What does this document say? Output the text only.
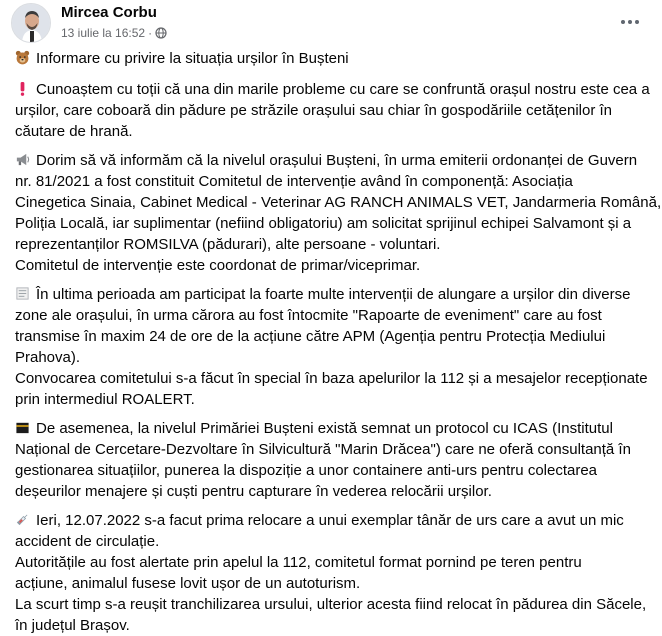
Mircea Corbu
13 iulie la 16:52 ·
Informare cu privire la situația urșilor în Bușteni
Cunoaștem cu toții că una din marile probleme cu care se confruntă orașul nostru este cea a
urșilor, care coboară din pădure pe străzile orașului sau chiar în gospodăriile cetățenilor în
căutare de hrană.
Dorim să vă informăm că la nivelul orașului Bușteni, în urma emiterii ordonanței de Guvern
nr. 81/2021 a fost constituit Comitetul de intervenție având în componență: Asociația
Cinegetica Sinaia, Cabinet Medical - Veterinar AG RANCH ANIMALS VET, Jandarmeria Română,
Poliția Locală, iar suplimentar (nefiind obligatoriu) am solicitat sprijinul echipei Salvamont și a
reprezentanților ROMSILVA (pădurari), alte persoane - voluntari.
Comitetul de intervenție este coordonat de primar/viceprimar.
În ultima perioada am participat la foarte multe intervenții de alungare a urșilor din diverse
zone ale orașului, în urma cărora au fost întocmite "Rapoarte de eveniment" care au fost
transmise în maxim 24 de ore de la acțiune către APM (Agenția pentru Protecția Mediului
Prahova).
Convocarea comitetului s-a făcut în special în baza apelurilor la 112 și a mesajelor recepționate
prin intermediul ROALERT.
De asemenea, la nivelul Primăriei Bușteni există semnat un protocol cu ICAS (Institutul
Național de Cercetare-Dezvoltare în Silvicultură "Marin Drăcea") care ne oferă consultanță în
gestionarea situațiilor, punerea la dispoziție a unor containere anti-urs pentru colectarea
deșeurilor menajere și cuști pentru capturare în vederea relocării urșilor.
Ieri, 12.07.2022 s-a facut prima relocare a unui exemplar tânăr de urs care a avut un mic
accident de circulație.
Autoritățile au fost alertate prin apelul la 112, comitetul format pornind pe teren pentru
acțiune, animalul fusese lovit ușor de un autoturism.
La scurt timp s-a reușit tranchilizarea ursului, ulterior acesta fiind relocat în pădurea din Săcele,
în județul Brașov.
